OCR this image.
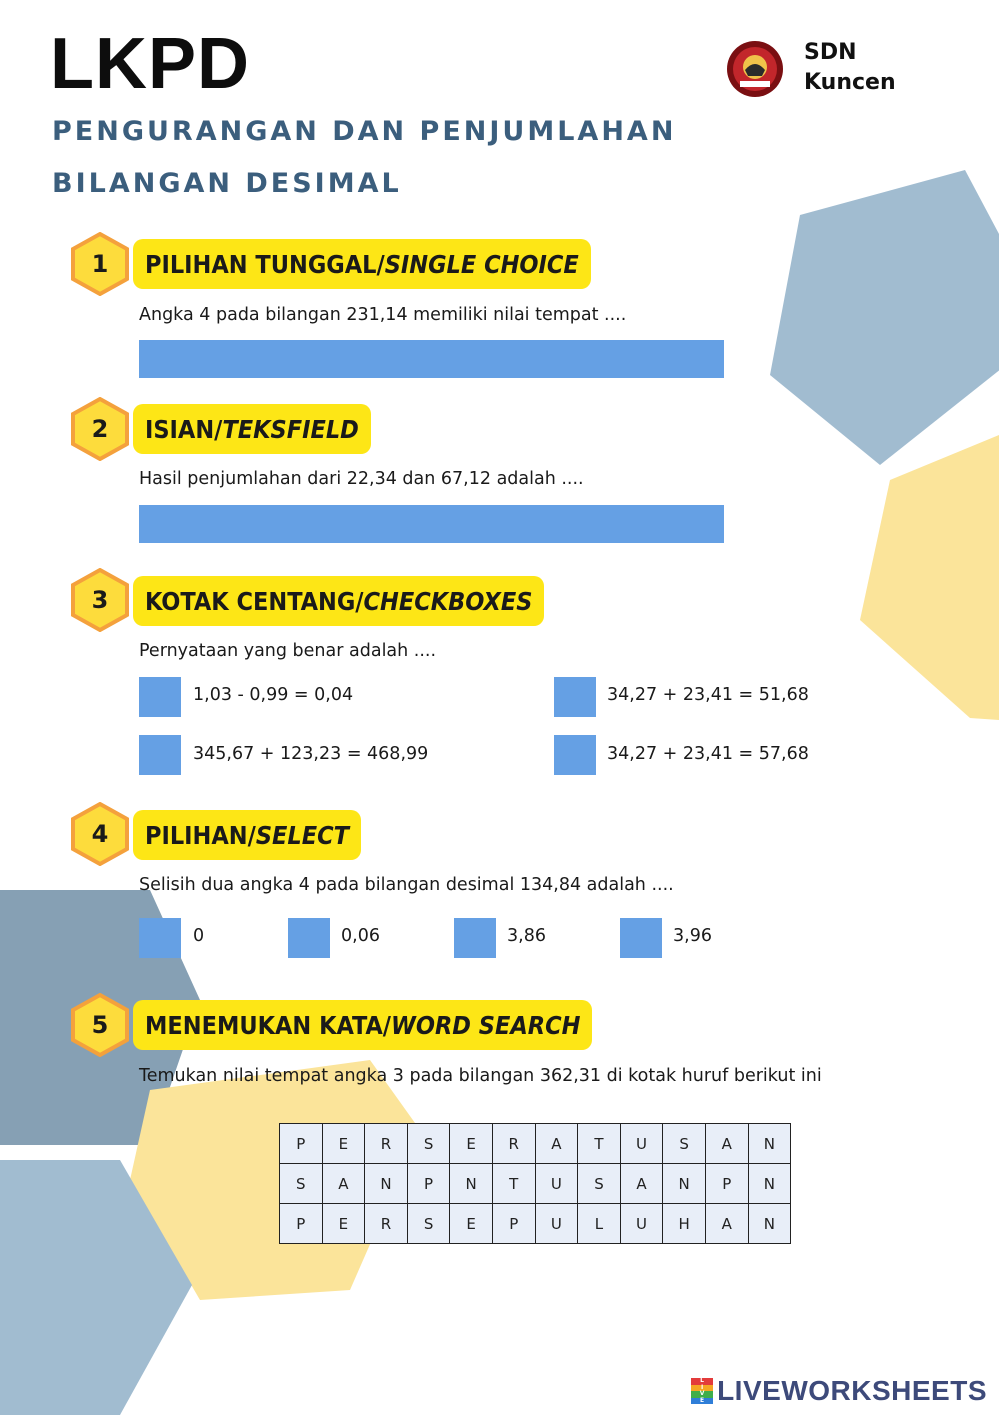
LKPD
PENGURANGAN DAN PENJUMLAHAN
BILANGAN DESIMAL
SDN
Kuncen
1	PILIHAN TUNGGAL/ SINGLE CHOICE
Angka 4 pada bilangan 231,14 memiliki nilai tempat ....
2	ISIAN/ TEKSFIELD
Hasil penjumlahan dari 22,34 dan 67,12 adalah ....
3	KOTAK CENTANG/ CHECKBOXES
Pernyataan yang benar adalah ....
1,03 - 0,99 = 0,04	34,27 + 23,41 = 51,68
345,67 + 123,23 = 468,99	34,27 + 23,41 = 57,68
4	PILIHAN/ SELECT
Selisih dua angka 4 pada bilangan desimal 134,84 adalah ....
0	0,06	3,86	3,96
5	MENEMUKAN KATA/ WORD SEARCH
Temukan nilai tempat angka 3 pada bilangan 362,31 di kotak huruf berikut ini
P	E	R	S	E	R	A	T	U	S	A	N
S	A	N	P	N	T	U	S	A	N	P	N
P	E	R	S	E	P	U	L	U	H	A	N
L
I
V
E LIVEWORKSHEETS
